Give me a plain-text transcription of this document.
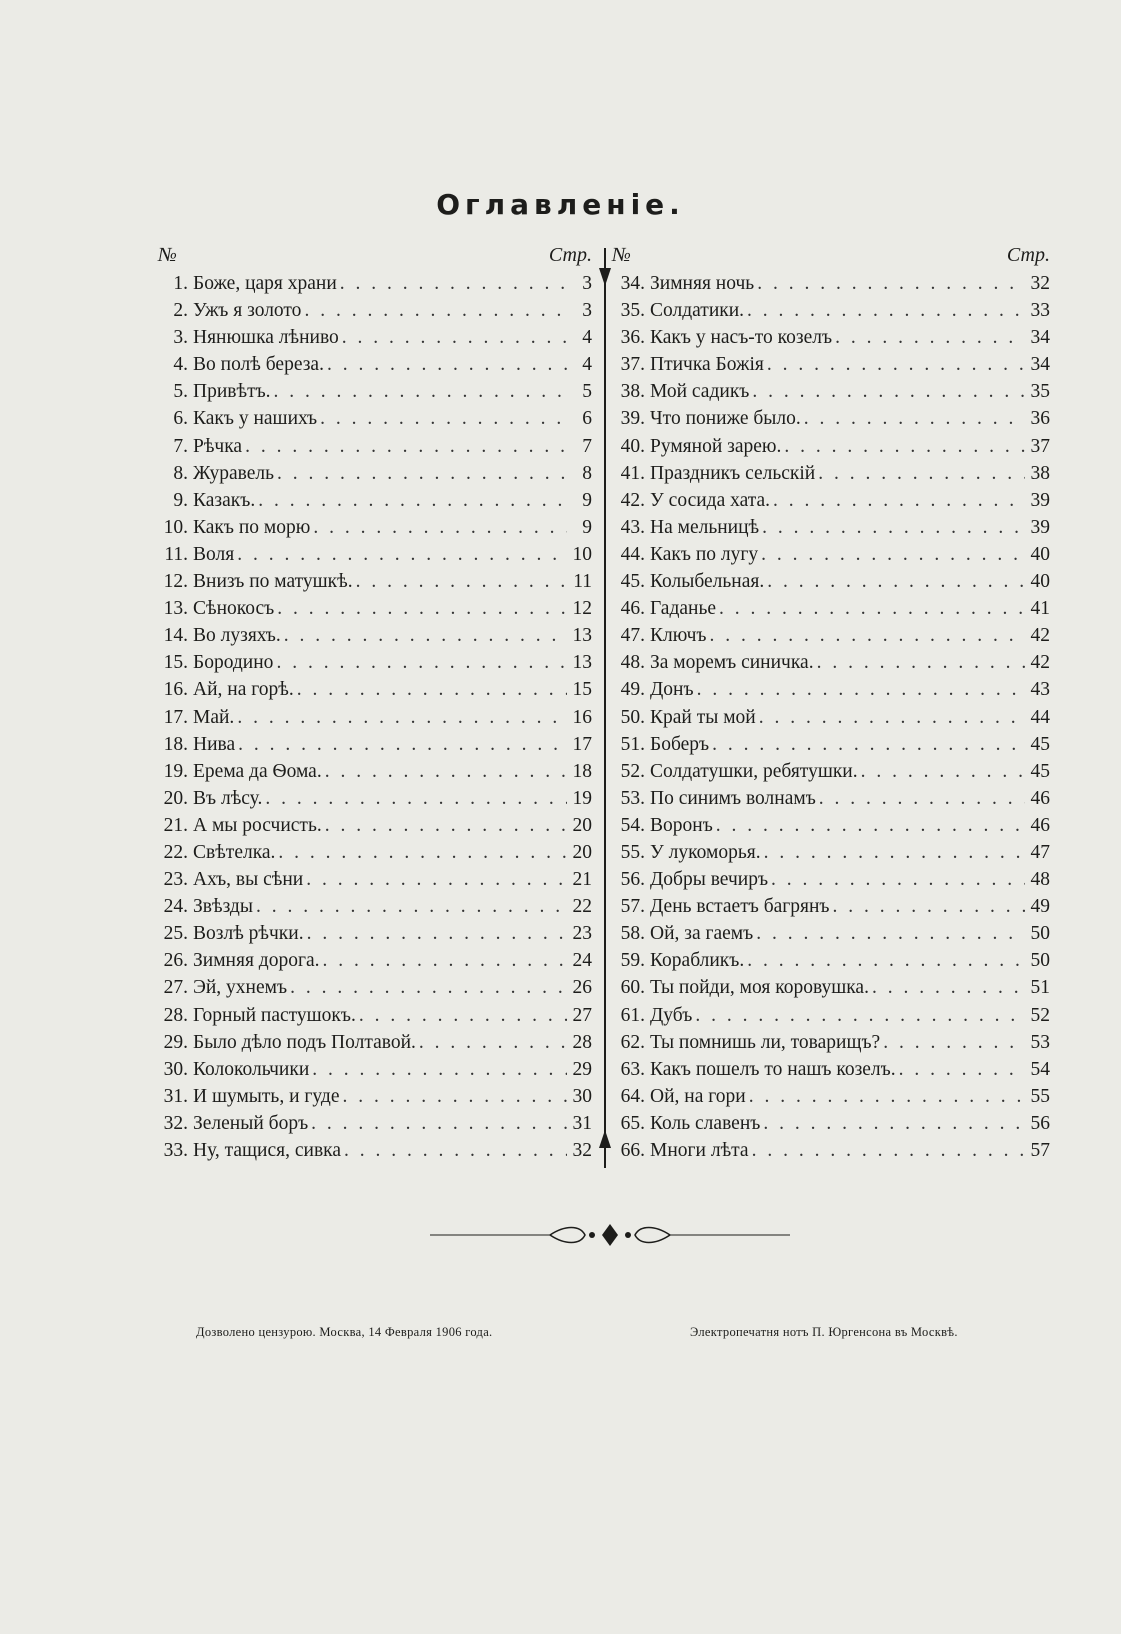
Оглавленiе.
№	Стр.
1. Боже, царя храни . . .	3
2. Ужъ я золото . . .	3
3. Нянюшка лѣниво . . .	4
4. Во полѣ береза. . . .	4
5. Привѣтъ. . . .	5
6. Какъ у нашихъ . . .	6
7. Рѣчка . . .	7
8. Журавель . . .	8
9. Казакъ. . . .	9
10. Какъ по морю . . .	9
11. Воля . . .	10
12. Внизъ по матушкѣ. . . .	11
13. Сѣнокосъ . . .	12
14. Во лузяхъ. . . .	13
15. Бородино . . .	13
16. Ай, на горѣ. . . .	15
17. Май. . . .	16
18. Нива . . .	17
19. Ерема да Ѳома. . . .	18
20. Въ лѣсу. . . .	19
21. А мы росчисть. . . .	20
22. Свѣтелка. . . .	20
23. Ахъ, вы сѣни . . .	21
24. Звѣзды . . .	22
25. Возлѣ рѣчки. . . .	23
26. Зимняя дорога. . . .	24
27. Эй, ухнемъ . . .	26
28. Горный пастушокъ. . . .	27
29. Было дѣло подъ Полтавой. . . .	28
30. Колокольчики . . .	29
31. И шумыть, и гуде . . .	30
32. Зеленый боръ . . .	31
33. Ну, тащися, сивка . . .	32
№	Стр.
34. Зимняя ночь . . .	32
35. Солдатики. . . .	33
36. Какъ у насъ-то козелъ . . .	34
37. Птичка Божія . . .	34
38. Мой садикъ . . .	35
39. Что пониже было. . . .	36
40. Румяной зарею. . . .	37
41. Праздникъ сельскій . . .	38
42. У сосида хата. . . .	39
43. На мельницѣ . . .	39
44. Какъ по лугу . . .	40
45. Колыбельная. . . .	40
46. Гаданье . . .	41
47. Ключъ . . .	42
48. За моремъ синичка. . . .	42
49. Донъ . . .	43
50. Край ты мой . . .	44
51. Боберъ . . .	45
52. Солдатушки, ребятушки. . . .	45
53. По синимъ волнамъ . . .	46
54. Воронъ . . .	46
55. У лукоморья. . . .	47
56. Добры вечиръ . . .	48
57. День встаетъ багрянъ . . .	49
58. Ой, за гаемъ . . .	50
59. Корабликъ. . . .	50
60. Ты пойди, моя коровушка. . . .	51
61. Дубъ . . .	52
62. Ты помнишь ли, товарищъ? . . .	53
63. Какъ пошелъ то нашъ козелъ. . . .	54
64. Ой, на гори . . .	55
65. Коль славенъ . . .	56
66. Многи лѣта . . .	57
Дозволено цензурою. Москва, 14 Февраля 1906 года.	Электропечатня нотъ П. Юргенсона въ Москвѣ.
